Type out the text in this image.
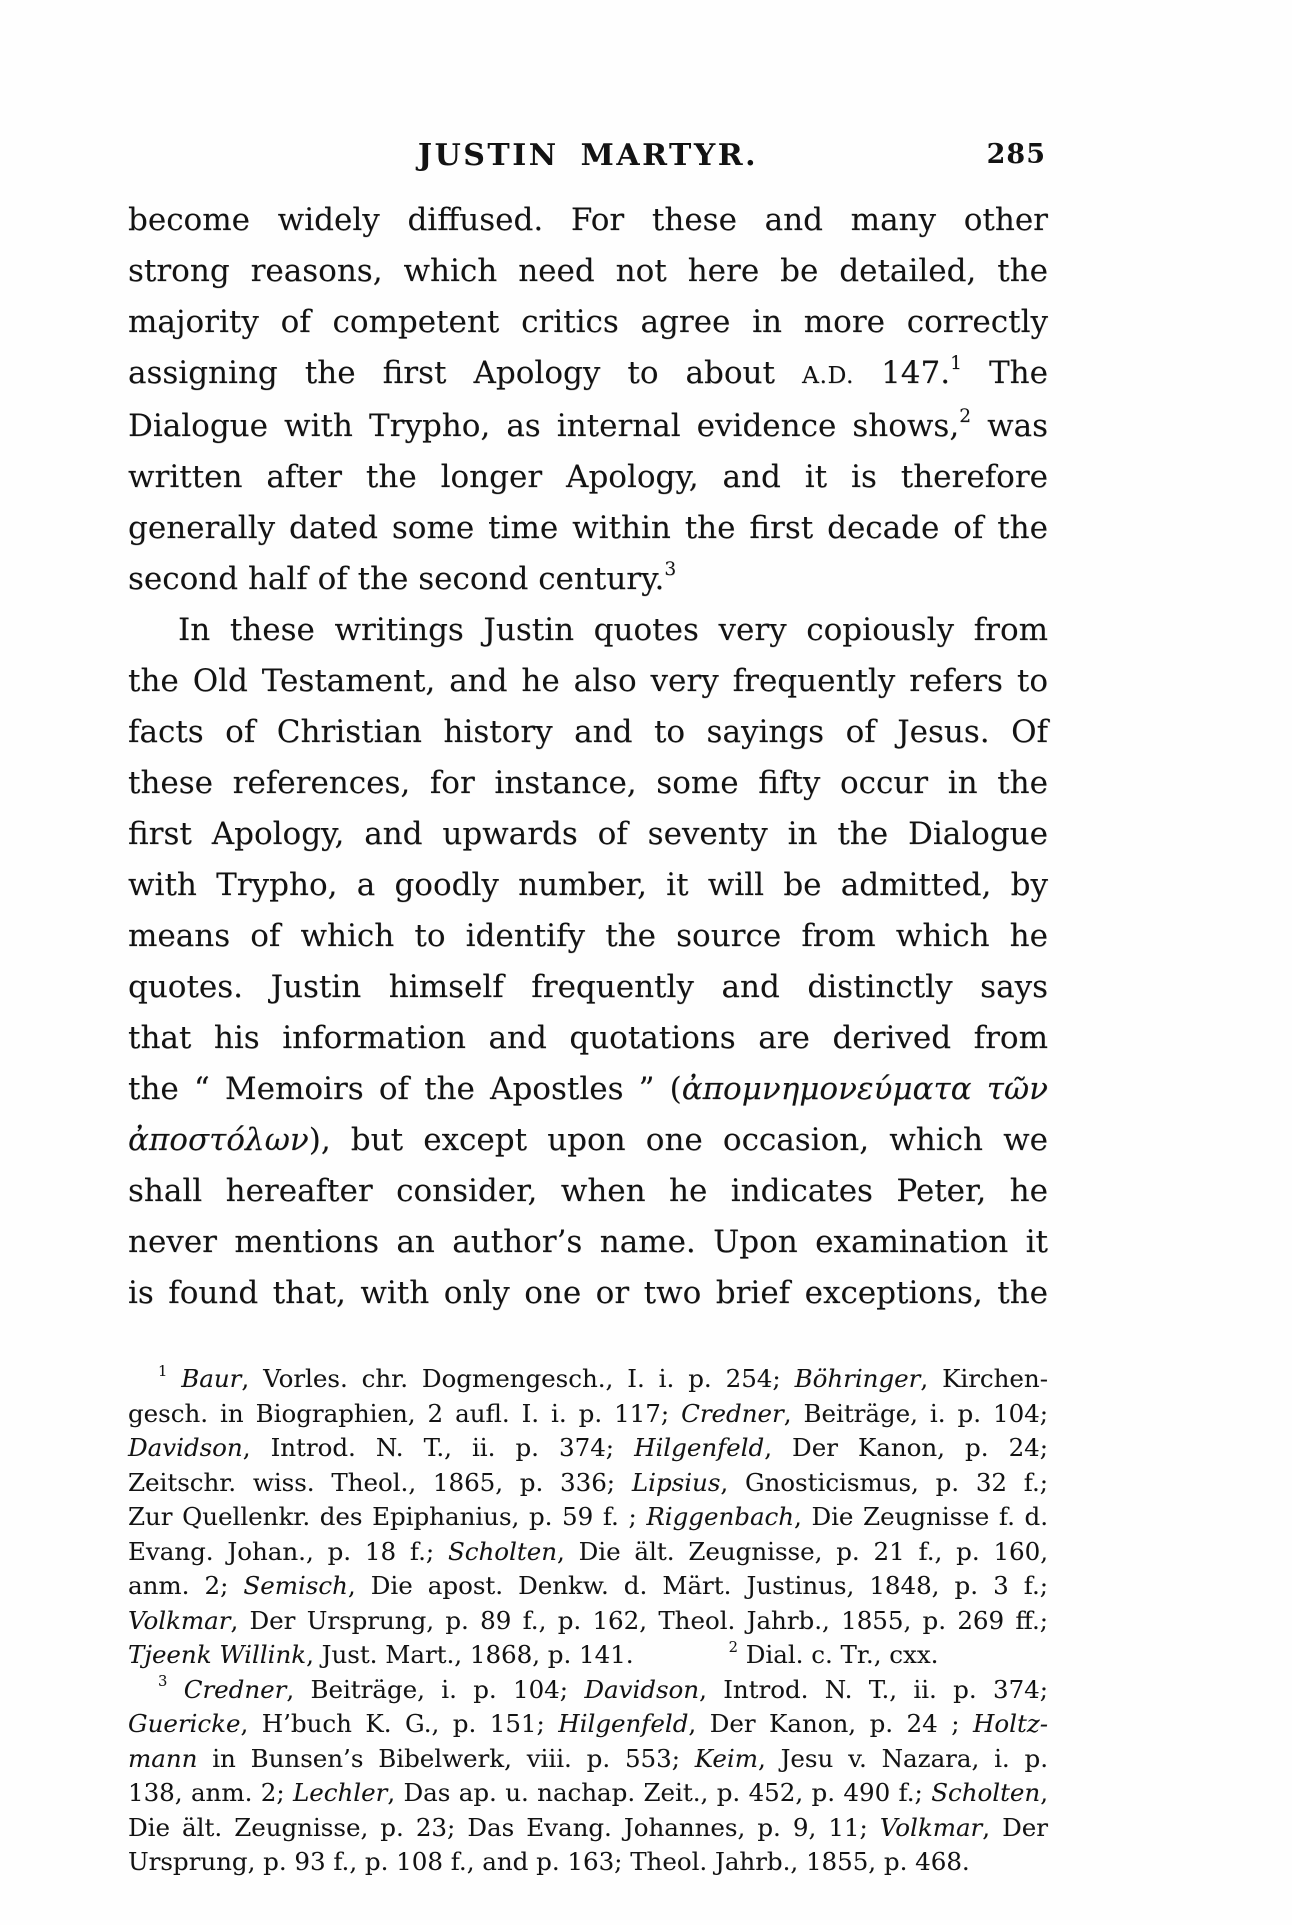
JUSTIN MARTYR.	285
become widely diffused. For these and many other
strong reasons, which need not here be detailed, the
majority of competent critics agree in more correctly
assigning the first Apology to about A.D. 147.$^1$ The
Dialogue with Trypho, as internal evidence shows,$^2$ was
written after the longer Apology, and it is therefore
generally dated some time within the first decade of the
second half of the second century.$^3$
In these writings Justin quotes very copiously from
the Old Testament, and he also very frequently refers to
facts of Christian history and to sayings of Jesus. Of
these references, for instance, some fifty occur in the
first Apology, and upwards of seventy in the Dialogue
with Trypho, a goodly number, it will be admitted, by
means of which to identify the source from which he
quotes. Justin himself frequently and distinctly says
that his information and quotations are derived from
the “ Memoirs of the Apostles ” (ἀπομνημονεύματα τῶν
ἀποστόλων), but except upon one occasion, which we
shall hereafter consider, when he indicates Peter, he
never mentions an author’s name. Upon examination it
is found that, with only one or two brief exceptions, the
$^1$ Baur, Vorles. chr. Dogmengesch., I. i. p. 254; Böhringer, Kirchen-
gesch. in Biographien, 2 aufl. I. i. p. 117; Credner, Beiträge, i. p. 104;
Davidson, Introd. N. T., ii. p. 374; Hilgenfeld, Der Kanon, p. 24;
Zeitschr. wiss. Theol., 1865, p. 336; Lipsius, Gnosticismus, p. 32 f.;
Zur Quellenkr. des Epiphanius, p. 59 f. ; Riggenbach, Die Zeugnisse f. d.
Evang. Johan., p. 18 f.; Scholten, Die ält. Zeugnisse, p. 21 f., p. 160,
anm. 2; Semisch, Die apost. Denkw. d. Märt. Justinus, 1848, p. 3 f.;
Volkmar, Der Ursprung, p. 89 f., p. 162, Theol. Jahrb., 1855, p. 269 ff.;
Tjeenk Willink, Just. Mart., 1868, p. 141.	$^2$ Dial. c. Tr., cxx.
$^3$ Credner, Beiträge, i. p. 104; Davidson, Introd. N. T., ii. p. 374;
Guericke, H’buch K. G., p. 151; Hilgenfeld, Der Kanon, p. 24 ; Holtz-
mann in Bunsen’s Bibelwerk, viii. p. 553; Keim, Jesu v. Nazara, i. p.
138, anm. 2; Lechler, Das ap. u. nachap. Zeit., p. 452, p. 490 f.; Scholten,
Die ält. Zeugnisse, p. 23; Das Evang. Johannes, p. 9, 11; Volkmar, Der
Ursprung, p. 93 f., p. 108 f., and p. 163; Theol. Jahrb., 1855, p. 468.
